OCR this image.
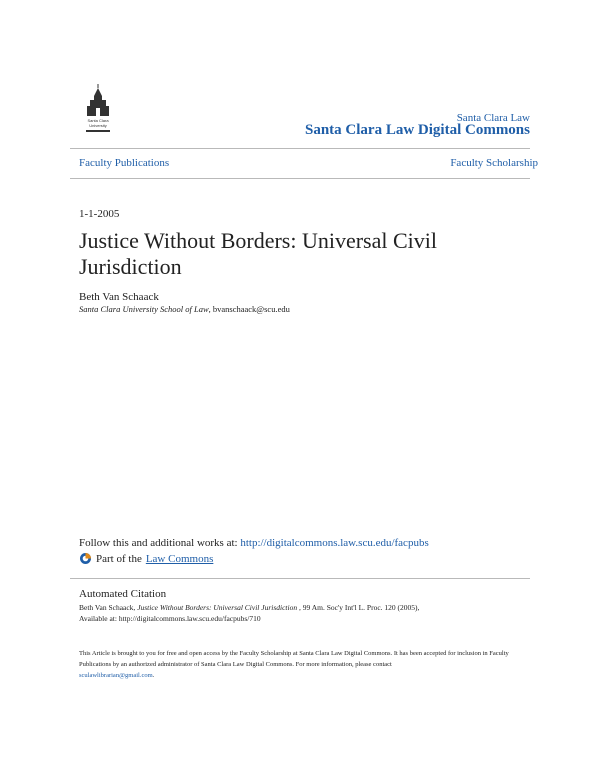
Santa Clara
University
Santa Clara Law
Santa Clara Law Digital Commons
Faculty Publications	Faculty Scholarship
1-1-2005
Justice Without Borders: Universal Civil Jurisdiction
Beth Van Schaack
Santa Clara University School of Law, bvanschaack@scu.edu
Follow this and additional works at: http://digitalcommons.law.scu.edu/facpubs
Part of the Law Commons
Automated Citation
Beth Van Schaack, Justice Without Borders: Universal Civil Jurisdiction , 99 Am. Soc'y Int'l L. Proc. 120 (2005),
Available at: http://digitalcommons.law.scu.edu/facpubs/710
This Article is brought to you for free and open access by the Faculty Scholarship at Santa Clara Law Digital Commons. It has been accepted for inclusion in Faculty Publications by an authorized administrator of Santa Clara Law Digital Commons. For more information, please contact
sculawlibrarian@gmail.com.
